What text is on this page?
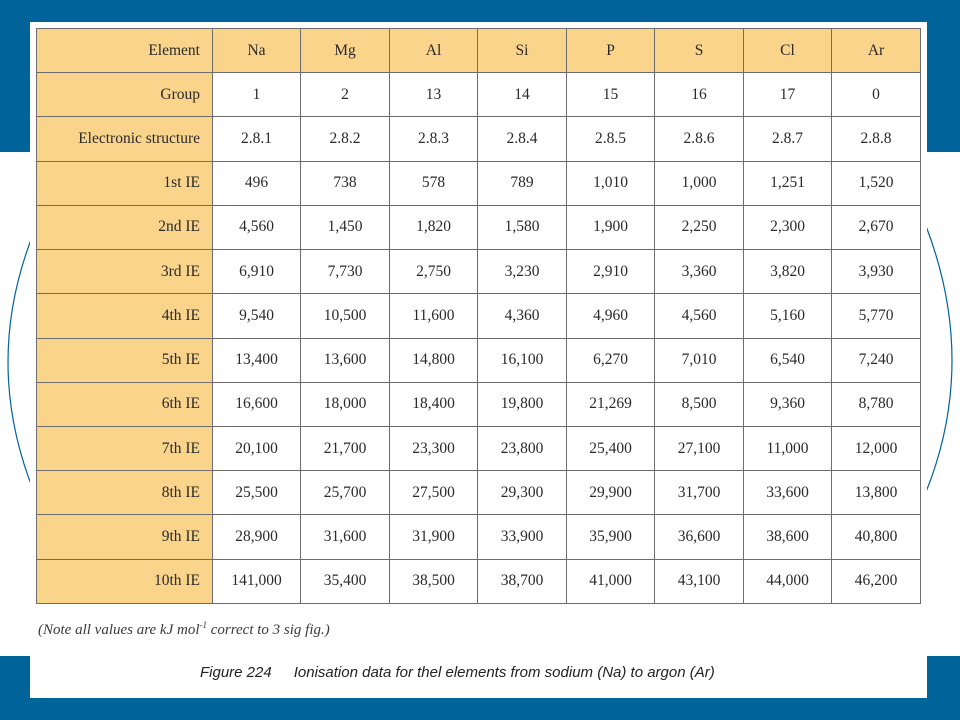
Element	Na	Mg	Al	Si	P	S	Cl	Ar
Group	1	2	13	14	15	16	17	0
Electronic structure	2.8.1	2.8.2	2.8.3	2.8.4	2.8.5	2.8.6	2.8.7	2.8.8
1st IE	496	738	578	789	1,010	1,000	1,251	1,520
2nd IE	4,560	1,450	1,820	1,580	1,900	2,250	2,300	2,670
3rd IE	6,910	7,730	2,750	3,230	2,910	3,360	3,820	3,930
4th IE	9,540	10,500	11,600	4,360	4,960	4,560	5,160	5,770
5th IE	13,400	13,600	14,800	16,100	6,270	7,010	6,540	7,240
6th IE	16,600	18,000	18,400	19,800	21,269	8,500	9,360	8,780
7th IE	20,100	21,700	23,300	23,800	25,400	27,100	11,000	12,000
8th IE	25,500	25,700	27,500	29,300	29,900	31,700	33,600	13,800
9th IE	28,900	31,600	31,900	33,900	35,900	36,600	38,600	40,800
10th IE	141,000	35,400	38,500	38,700	41,000	43,100	44,000	46,200
(Note all values are kJ mol$^{-1}$ correct to 3 sig fig.)
Figure 224 Ionisation data for thel elements from sodium (Na) to argon (Ar)
